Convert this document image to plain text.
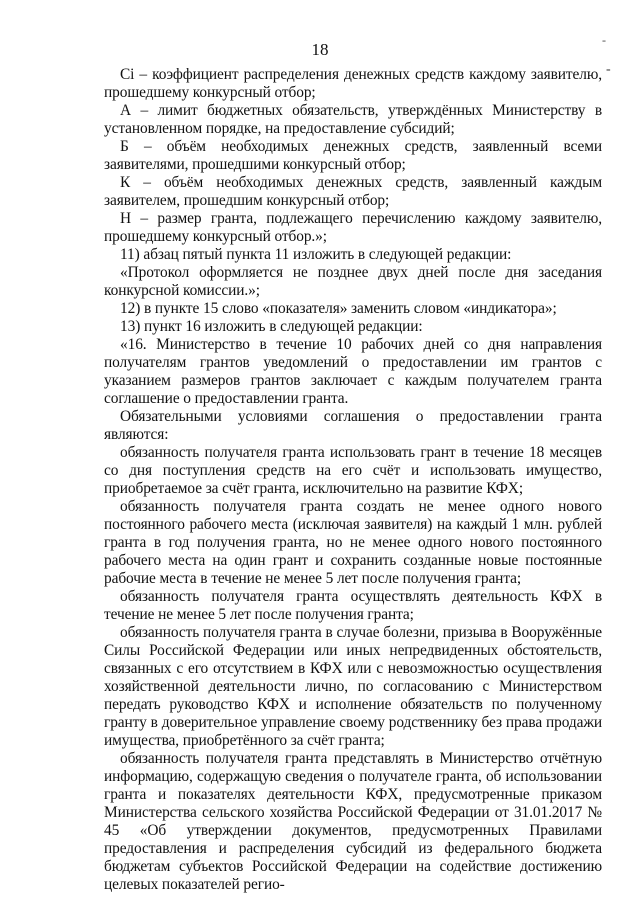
18	-
-

Ci – коэффициент распределения денежных средств каждому заявителю, прошедшему конкурсный отбор;

А – лимит бюджетных обязательств, утверждённых Министерству в установленном порядке, на предоставление субсидий;

Б – объём необходимых денежных средств, заявленный всеми заявителями, прошедшими конкурсный отбор;

К – объём необходимых денежных средств, заявленный каждым заявителем, прошедшим конкурсный отбор;

Н – размер гранта, подлежащего перечислению каждому заявителю, прошедшему конкурсный отбор.»;

11) абзац пятый пункта 11 изложить в следующей редакции:

«Протокол оформляется не позднее двух дней после дня заседания конкурсной комиссии.»;

12) в пункте 15 слово «показателя» заменить словом «индикатора»;

13) пункт 16 изложить в следующей редакции:

«16. Министерство в течение 10 рабочих дней со дня направления получателям грантов уведомлений о предоставлении им грантов с указанием размеров грантов заключает с каждым получателем гранта соглашение о предоставлении гранта.

Обязательными условиями соглашения о предоставлении гранта являются:

обязанность получателя гранта использовать грант в течение 18 месяцев со дня поступления средств на его счёт и использовать имущество, приобретаемое за счёт гранта, исключительно на развитие КФХ;

обязанность получателя гранта создать не менее одного нового постоянного рабочего места (исключая заявителя) на каждый 1 млн. рублей гранта в год получения гранта, но не менее одного нового постоянного рабочего места на один грант и сохранить созданные новые постоянные рабочие места в течение не менее 5 лет после получения гранта;

обязанность получателя гранта осуществлять деятельность КФХ в течение не менее 5 лет после получения гранта;

обязанность получателя гранта в случае болезни, призыва в Вооружённые Силы Российской Федерации или иных непредвиденных обстоятельств, связанных с его отсутствием в КФХ или с невозможностью осуществления хозяйственной деятельности лично, по согласованию с Министерством передать руководство КФХ и исполнение обязательств по полученному гранту в доверительное управление своему родственнику без права продажи имущества, приобретённого за счёт гранта;

обязанность получателя гранта представлять в Министерство отчётную информацию, содержащую сведения о получателе гранта, об использовании гранта и показателях деятельности КФХ, предусмотренные приказом Министерства сельского хозяйства Российской Федерации от 31.01.2017 № 45 «Об утверждении документов, предусмотренных Правилами предоставления и распределения субсидий из федерального бюджета бюджетам субъектов Российской Федерации на содействие достижению целевых показателей регио-
